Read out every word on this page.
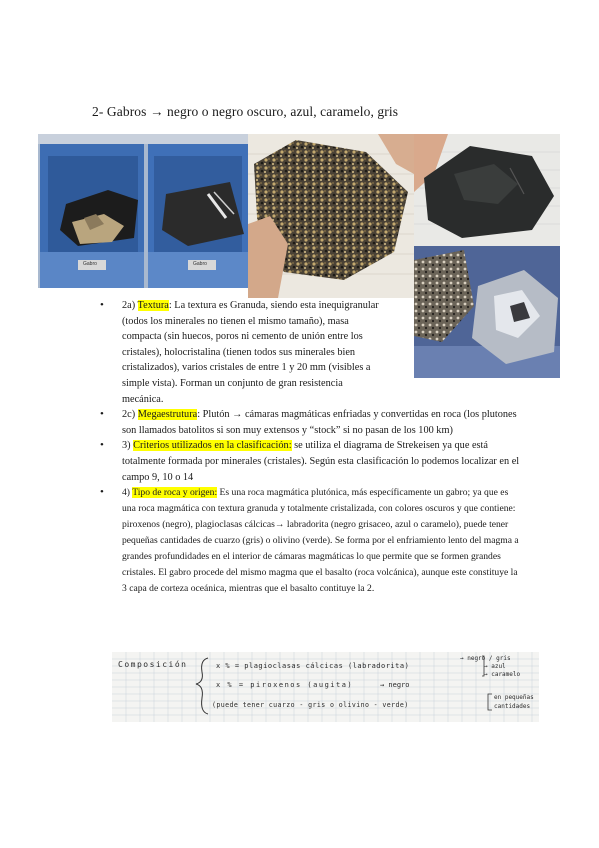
2- Gabros → negro o negro oscuro, azul, caramelo, gris
Gabro	Gabro
• 2a) Textura: La textura es Granuda, siendo esta inequigranular (todos los minerales no tienen el mismo tamaño), masa compacta (sin huecos, poros ni cemento de unión entre los cristales), holocristalina (tienen todos sus minerales bien cristalizados), varios cristales de entre 1 y 20 mm (visibles a simple vista). Forman un conjunto de gran resistencia mecánica.
• 2c) Megaestrutura: Plutón → cámaras magmáticas enfriadas y convertidas en roca (los plutones son llamados batolitos si son muy extensos y “stock” si no pasan de los 100 km)
• 3) Criterios utilizados en la clasificación: se utiliza el diagrama de Strekeisen ya que está totalmente formada por minerales (cristales). Según esta clasificación lo podemos localizar en el campo 9, 10 o 14
• 4) Tipo de roca y origen: Es una roca magmática plutónica, más específicamente un gabro; ya que es una roca magmática con textura granuda y totalmente cristalizada, con colores oscuros y que contiene: piroxenos (negro), plagioclasas cálcicas→ labradorita (negro grisaceo, azul o caramelo), puede tener pequeñas cantidades de cuarzo (gris) o olivino (verde). Se forma por el enfriamiento lento del magma a grandes profundidades en el interior de cámaras magmáticas lo que permite que se formen grandes cristales. El gabro procede del mismo magma que el basalto (roca volcánica), aunque este constituye la 3 capa de corteza oceánica, mientras que el basalto contituye la 2.
Composición	x % = plagioclasas cálcicas (labradorita)
x % = piroxenos (augita)
(puede tener cuarzo - gris o olivino - verde)
→ negro / gris
→ azul
→ caramelo
→ negro
en pequeñas
cantidades
